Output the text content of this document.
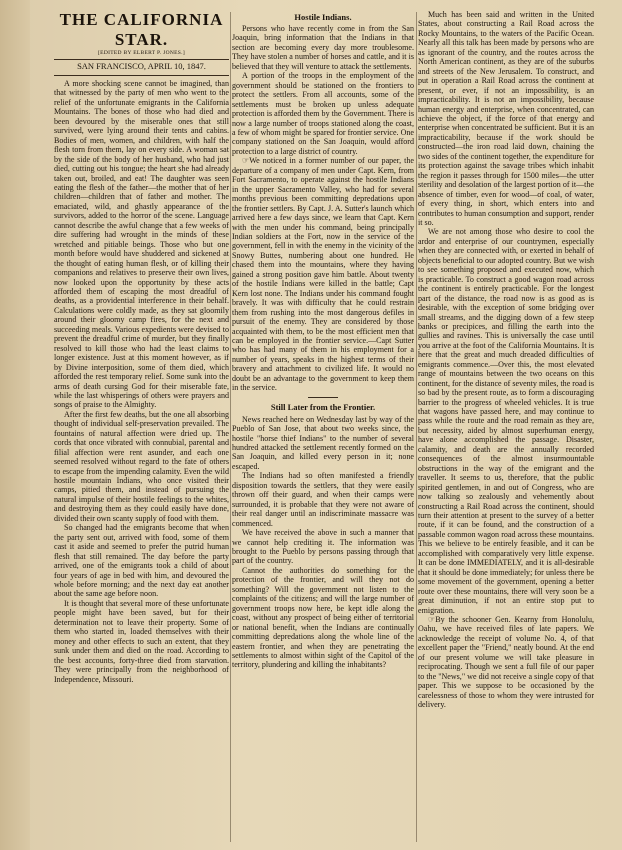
THE CALIFORNIA STAR.
[EDITED BY ELBERT P. JONES.]
SAN FRANCISCO, APRIL 10, 1847.

A more shocking scene cannot be imagined, than that witnessed by the party of men who went to the relief of the unfortunate emigrants in the California Mountains. The bones of those who had died and been devoured by the miserable ones that still survived, were lying around their tents and cabins. Bodies of men, women, and children, with half the flesh torn from them, lay on every side. A woman sat by the side of the body of her husband, who had just died, cutting out his tongue; the heart she had already taken out, broiled, and eat! The daughter was seen eating the flesh of the father—the mother that of her children—children that of father and mother. The emaciated, wild, and ghastly appearance of the survivors, added to the horror of the scene. Language cannot describe the awful change that a few weeks of dire suffering had wrought in the minds of these wretched and pitiable beings. Those who but one month before would have shuddered and sickened at the thought of eating human flesh, or of killing their companions and relatives to preserve their own lives, now looked upon the opportunity by these acts afforded them of escaping the most dreadful of deaths, as a providential interference in their behalf. Calculations were coldly made, as they sat gloomily around their gloomy camp fires, for the next and succeeding meals. Various expedients were devised to prevent the dreadful crime of murder, but they finally resolved to kill those who had the least claims to longer existence. Just at this moment however, as if by Divine interposition, some of them died, which afforded the rest temporary relief. Some sunk into the arms of death cursing God for their miserable fate, while the last whisperings of others were prayers and songs of praise to the Almighty.

After the first few deaths, but the one all absorbing thought of individual self-preservation prevailed. The fountains of natural affection were dried up. The cords that once vibrated with connubial, parental and filial affection were rent asunder, and each one seemed resolved without regard to the fate of others to escape from the impending calamity. Even the wild hostile mountain Indians, who once visited their camps, pitied them, and instead of pursuing the natural impulse of their hostile feelings to the whites, and destroying them as they could easily have done, divided their own scanty supply of food with them.

So changed had the emigrants become that when the party sent out, arrived with food, some of them cast it aside and seemed to prefer the putrid human flesh that still remained. The day before the party arrived, one of the emigrants took a child of about four years of age in bed with him, and devoured the whole before morning; and the next day eat another about the same age before noon.

It is thought that several more of these unfortunate people might have been saved, but for their determination not to leave their property. Some of them who started in, loaded themselves with their money and other effects to such an extent, that they sunk under them and died on the road. According to the best accounts, forty-three died from starvation. They were principally from the neighborhood of Independence, Missouri.

Hostile Indians.

Persons who have recently come in from the San Joaquin, bring information that the Indians in that section are becoming every day more troublesome. They have stolen a number of horses and cattle, and it is believed that they will venture to attack the settlements.

A portion of the troops in the employment of the government should be stationed on the frontiers to protect the settlers. From all accounts, some of the settlements must be broken up unless adequate protection is afforded them by the Government. There is now a large number of troops stationed along the coast, a few of whom might be spared for frontier service. One company stationed on the San Joaquin, would afford protection to a large district of country.

☞We noticed in a former number of our paper, the departure of a company of men under Capt. Kern, from Fort Sacramento, to operate against the hostile Indians in the upper Sacramento Valley, who had for several months previous been committing depredations upon the frontier settlers. By Capt. J. A. Sutter's launch which arrived here a few days since, we learn that Capt. Kern with the men under his command, being principally Indian soldiers at the Fort, now in the service of the government, fell in with the enemy in the vicinity of the Snowy Buttes, numbering about one hundred. He chased them into the mountains, where they having gained a strong position gave him battle. About twenty of the hostile Indians were killed in the battle; Capt Kern lost none. The Indians under his command fought bravely. It was with difficulty that he could restrain them from rushing into the most dangerous defiles in pursuit of the enemy. They are considered by those acquainted with them, to be the most efficient men that can be employed in the frontier service.—Capt Sutter who has had many of them in his employment for a number of years, speaks in the highest terms of their bravery and attachment to civilized life. It would no doubt be an advantage to the government to keep them in the service.

Still Later from the Frontier.

News reached here on Wednesday last by way of the Pueblo of San Jose, that about two weeks since, the hostile "horse thief Indians" to the number of several hundred attacked the settlement recently formed on the San Joaquin, and killed every person in it; none escaped.

The Indians had so often manifested a friendly disposition towards the settlers, that they were easily thrown off their guard, and when their camps were surrounded, it is probable that they were not aware of their real danger until an indiscriminate massacre was commenced.

We have received the above in such a manner that we cannot help crediting it. The information was brought to the Pueblo by persons passing through that part of the country.

Cannot the authorities do something for the protection of the frontier, and will they not do something? Will the government not listen to the complaints of the citizens; and will the large number of government troops now here, be kept idle along the coast, without any prospect of being either of territorial or national benefit, when the Indians are continually committing depredations along the whole line of the eastern frontier, and when they are penetrating the settlements to almost within sight of the Capitol of the territory, plundering and killing the inhabitants?

Much has been said and written in the United States, about constructing a Rail Road across the Rocky Mountains, to the waters of the Pacific Ocean. Nearly all this talk has been made by persons who are as ignorant of the country, and the routes across the North American continent, as they are of the suburbs and streets of the New Jerusalem. To construct, and put in operation a Rail Road across the continent at present, or ever, if not an impossibility, is an impracticability. It is not an impossibility, because human energy and enterprise, when concentrated, can achieve the object, if the force of that energy and enterprise when concentrated be sufficient. But it is an impracticability, because if the work should be constructed—the iron road laid down, chaining the two sides of the continent together, the expenditure for its protection against the savage tribes which inhabit the region it passes through for 1500 miles—the utter sterility and desolation of the largest portion of it—the absence of timber, even for wood—of coal, of water, of every thing, in short, which enters into and contributes to human consumption and support, render it so.

We are not among those who desire to cool the ardor and enterprise of our countrymen, especially when they are connected with, or exerted in behalf of objects beneficial to our adopted country. But we wish to see something proposed and executed now, which is practicable. To construct a good wagon road across the continent is entirely practicable. For the longest part of the distance, the road now is as good as is desirable, with the exception of some bridging over small streams, and the digging down of a few steep banks or precipices, and filling the earth into the gullies and ravines. This is universally the case until you arrive at the foot of the California Mountains. It is here that the great and much dreaded difficulties of emigrants commence.—Over this, the most elevated range of mountains between the two oceans on this continent, for the distance of seventy miles, the road is so bad by the present route, as to form a discouraging barrier to the progress of wheeled vehicles. It is true that wagons have passed here, and may continue to pass while the route and the road remain as they are, but necessity, aided by almost superhuman energy, have alone accomplished the passage. Disaster, calamity, and death are the annually recorded consequences of the almost insurmountable obstructions in the way of the emigrant and the traveller. It seems to us, therefore, that the public spirited gentlemen, in and out of Congress, who are now talking so zealously and vehemently about constructing a Rail Road across the continent, should turn their attention at present to the survey of a better route, if it can be found, and the construction of a passable common wagon road across these mountains. This we believe to be entirely feasible, and it can be accomplished with comparatively very little expense. It can be done IMMEDIATELY, and it is all-desirable that it should be done immediately; for unless there be some movement of the government, opening a better route over these mountains, there will very soon be a great diminution, if not an entire stop put to emigration.

☞By the schooner Gen. Kearny from Honolulu, Oahu, we have received files of late papers. We acknowledge the receipt of volume No. 4, of that excellent paper the "Friend," neatly bound. At the end of our present volume we will take pleasure in reciprocating. Though we sent a full file of our paper to the "News," we did not receive a single copy of that paper. This we suppose to be occasioned by the carelessness of those to whom they were intrusted for delivery.
